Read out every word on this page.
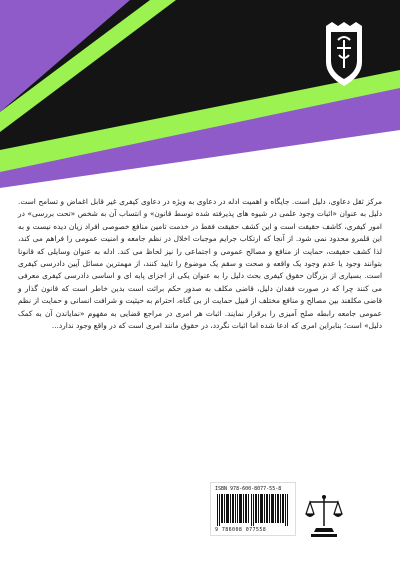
مرکز ثقل دعاوی، دلیل است. جایگاه و اهمیت ادله در دعاوی به ویژه در دعاوی کیفری غیر قابل اغماض و تسامح است. دلیل به عنوان «اثبات وجود علمی در شیوه های پذیرفته شده توسط قانون» و انتساب آن به شخص «تحت بررسی» در امور کیفری، کاشف حقیقت است و این کشف حقیقت فقط در خدمت تامین منافع خصوصی افراد زیان دیده نیست و به این قلمرو محدود نمی شود. از آنجا که ارتکاب جرایم موجبات اخلال در نظم جامعه و امنیت عمومی را فراهم می کند، لذا کشف حقیقت، حمایت از منافع و مصالح عمومی و اجتماعی را نیز لحاظ می کند. ادله به عنوان وسایلی که قانونا بتوانند وجود یا عدم وجود یک واقعه و صحت و سقم یک موضوع را تایید کنند، از مهمترین مسائل آیین دادرسی کیفری است. بسیاری از بزرگان حقوق کیفری بحث دلیل را به عنوان یکی از اجزای پایه ای و اساسی دادرسی کیفری معرفی می کنند چرا که در صورت فقدان دلیل، قاضی مکلف به صدور حکم برائت است بدین خاطر است که قانون گذار و قاضی مکلفند بین مصالح و منافع مختلف از قبیل حمایت از بی گناه، احترام به حیثیت و شرافت انسانی و حمایت از نظم عمومی جامعه رابطه صلح آمیزی را برقرار نمایند. اثبات هر امری در مراجع قضایی به مفهوم «نمایاندن آن به کمک دلیل» است؛ بنابراین امری که ادعا شده اما اثبات نگردد، در حقوق مانند امری است که در واقع وجود ندارد...

ISBN 978-600-8077-55-8
9 786008 077558
